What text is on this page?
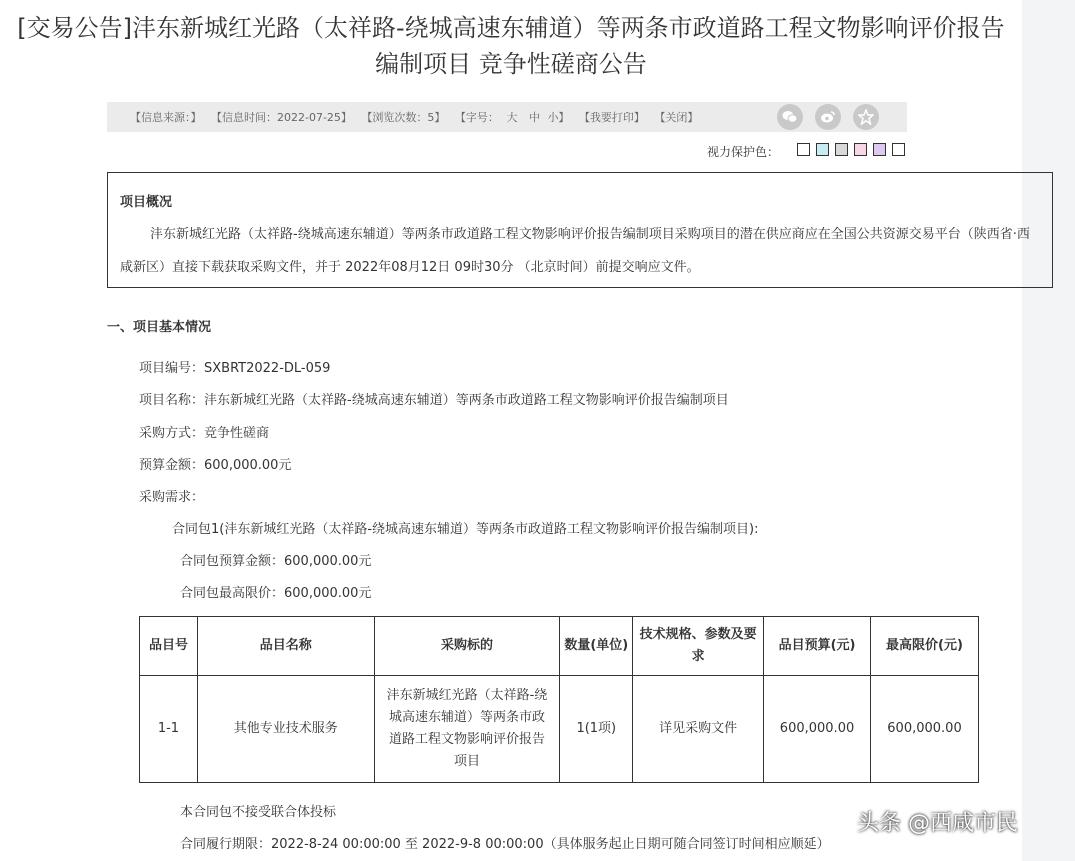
[交易公告]沣东新城红光路（太祥路-绕城高速东辅道）等两条市政道路工程文物影响评价报告
编制项目 竞争性磋商公告
【信息来源：】 【信息时间：2022-07-25】 【浏览次数：5】 【字号： 大 中 小】 【我要打印】 【关闭】
视力保护色：
项目概况
沣东新城红光路（太祥路-绕城高速东辅道）等两条市政道路工程文物影响评价报告编制项目采购项目的潜在供应商应在全国公共资源交易平台（陕西省·西咸新区）直接下载获取采购文件，并于 2022年08月12日 09时30分 （北京时间）前提交响应文件。
一、项目基本情况
项目编号：SXBRT2022-DL-059
项目名称：沣东新城红光路（太祥路-绕城高速东辅道）等两条市政道路工程文物影响评价报告编制项目
采购方式：竞争性磋商
预算金额：600,000.00元
采购需求：
合同包1(沣东新城红光路（太祥路-绕城高速东辅道）等两条市政道路工程文物影响评价报告编制项目):
合同包预算金额：600,000.00元
合同包最高限价：600,000.00元
品目号	品目名称	采购标的	数量(单位)	技术规格、参数及要求	品目预算(元)	最高限价(元)
1-1	其他专业技术服务	沣东新城红光路（太祥路-绕城高速东辅道）等两条市政道路工程文物影响评价报告项目	1(1项)	详见采购文件	600,000.00	600,000.00
本合同包不接受联合体投标
合同履行期限：2022-8-24 00:00:00 至 2022-9-8 00:00:00（具体服务起止日期可随合同签订时间相应顺延）
头条 @西咸市民
